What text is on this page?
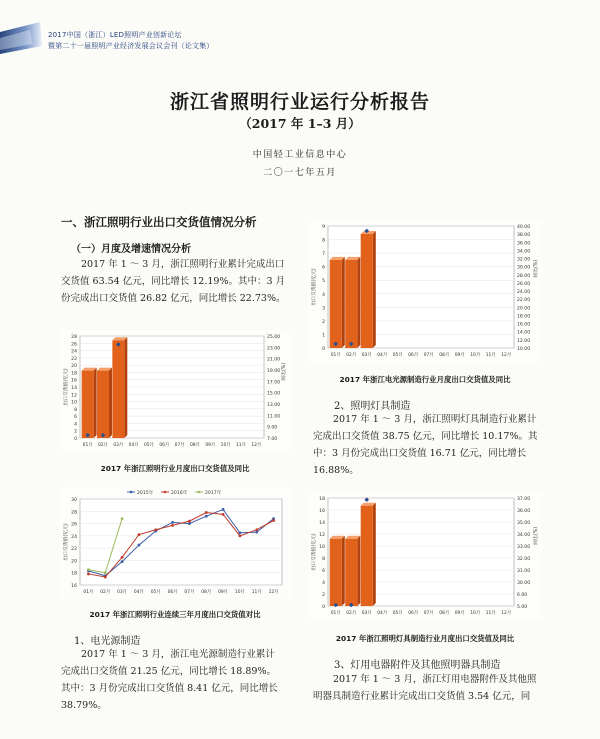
2017中国（浙江）LED照明产业创新论坛
暨第二十一届照明产业经济发展会议会刊（论文集）
浙江省照明行业运行分析报告
（2017 年 1–3 月）
中国轻工业信息中心
二〇一七年五月
一、浙江照明行业出口交货值情况分析
（一）月度及增速情况分析
2017 年 1 ～ 3 月，浙江照明行业累计完成出口
交货值 63.54 亿元，同比增长 12.19%。其中：3 月
份完成出口交货值 26.82 亿元，同比增长 22.73%。
28
26
24
22
20
18
16
14
12
10
8
6
4
2
0
25.00
23.00
21.00
19.00
17.00
15.00
13.00
11.00
9.00
7.00
出口交货值(亿元)	同比(%)
01月 02月 03月 04月 05月 06月 07月 08月 09月 10月 11月 12月
2017 年浙江照明行业月度出口交货值及同比
30
28
26
24
22
20
18
16
出口交货值(亿元)
01月 02月 03月 04月 05月 06月 07月 08月 09月 10月 11月 12月
2015年	2016年	2017年
2017 年浙江照明行业连续三年月度出口交货值对比
1、电光源制造
2017 年 1 ～ 3 月，浙江电光源制造行业累计
完成出口交货值 21.25 亿元，同比增长 18.89%。
其中：3 月份完成出口交货值 8.41 亿元，同比增长
38.79%。
9
8
7
6
5
4
3
2
1
0
40.00
38.00
36.00
34.00
32.00
30.00
28.00
26.00
24.00
22.00
20.00
18.00
16.00
14.00
12.00
10.00
出口交货值(亿元)	同比(%)
01月 02月 03月 04月 05月 06月 07月 08月 09月 10月 11月 12月
2017 年浙江电光源制造行业月度出口交货值及同比
2、照明灯具制造
2017 年 1 ～ 3 月，浙江照明灯具制造行业累计
完成出口交货值 38.75 亿元，同比增长 10.17%。其
中：3 月份完成出口交货值 16.71 亿元，同比增长
16.88%。
18
16
14
12
10
8
6
4
2
0
37.00
36.00
35.00
34.00
33.00
32.00
31.00
30.00
6.00
5.00
出口交货值(亿元)	同比(%)
01月 02月 03月 04月 05月 06月 07月 08月 09月 10月 11月 12月
2017 年浙江照明灯具制造行业月度出口交货值及同比
3、灯用电器附件及其他照明器具制造
2017 年 1 ～ 3 月，浙江灯用电器附件及其他照
明器具制造行业累计完成出口交货值 3.54 亿元，同
